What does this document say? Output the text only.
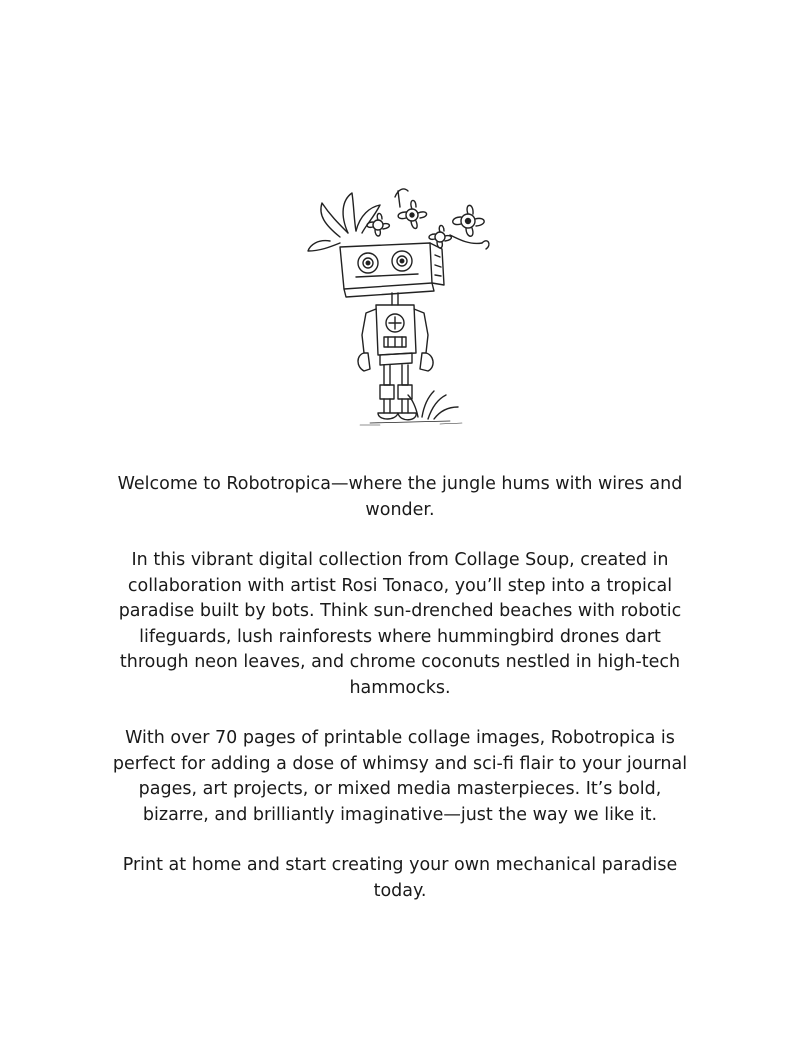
Welcome to Robotropica—where the jungle hums with wires and wonder.

In this vibrant digital collection from Collage Soup, created in collaboration with artist Rosi Tonaco, you’ll step into a tropical paradise built by bots. Think sun-drenched beaches with robotic lifeguards, lush rainforests where hummingbird drones dart through neon leaves, and chrome coconuts nestled in high-tech hammocks.

With over 70 pages of printable collage images, Robotropica is perfect for adding a dose of whimsy and sci-fi flair to your journal pages, art projects, or mixed media masterpieces. It’s bold, bizarre, and brilliantly imaginative—just the way we like it.

Print at home and start creating your own mechanical paradise today.
